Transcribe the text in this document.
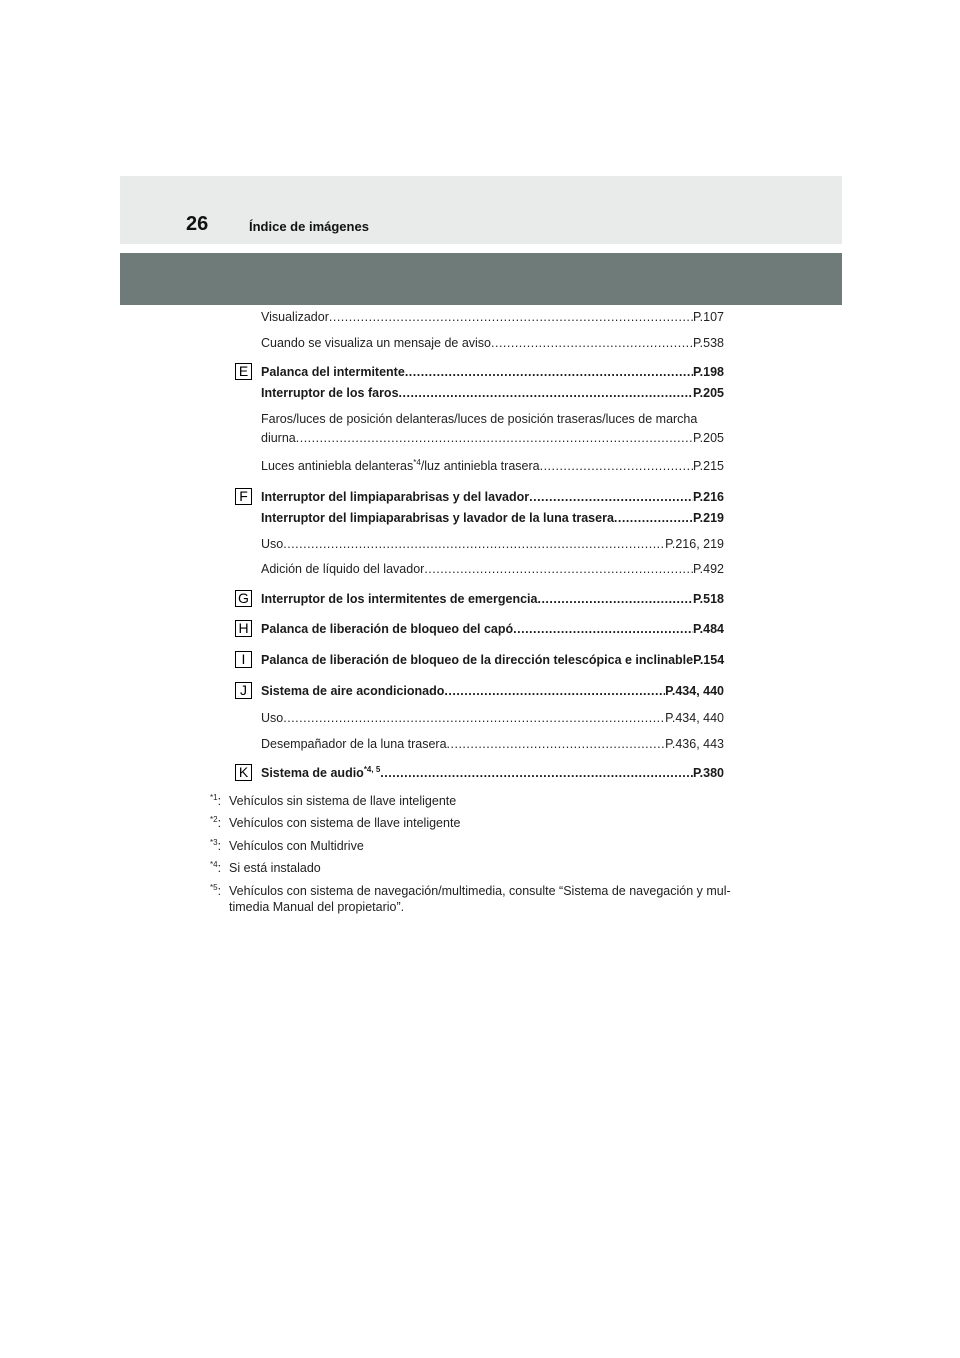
26	Índice de imágenes
Visualizador .....	P.107
Cuando se visualiza un mensaje de aviso .....	P.538
E	Palanca del intermitente .....	P.198
Interruptor de los faros .....	P.205
Faros/luces de posición delanteras/luces de posición traseras/luces de marcha
diurna .....	P.205
Luces antiniebla delanteras$^{*4}$/luz antiniebla trasera .....	P.215
F	Interruptor del limpiaparabrisas y del lavador .....	P.216
Interruptor del limpiaparabrisas y lavador de la luna trasera .....	P.219
Uso .....	P.216, 219
Adición de líquido del lavador .....	P.492
G Interruptor de los intermitentes de emergencia .....	P.518
H Palanca de liberación de bloqueo del capó .....	P.484
I	Palanca de liberación de bloqueo de la dirección telescópica e inclinable P.154
J	Sistema de aire acondicionado .....	P.434, 440
Uso .....	P.434, 440
Desempañador de la luna trasera .....	P.436, 443
K	Sistema de audio$^{*4, 5}$ .....	P.380
$^{*1}$: Vehículos sin sistema de llave inteligente
$^{*2}$: Vehículos con sistema de llave inteligente
$^{*3}$: Vehículos con Multidrive
$^{*4}$: Si está instalado
$^{*5}$: Vehículos con sistema de navegación/multimedia, consulte “Sistema de navegación y mul-
timedia Manual del propietario”.
